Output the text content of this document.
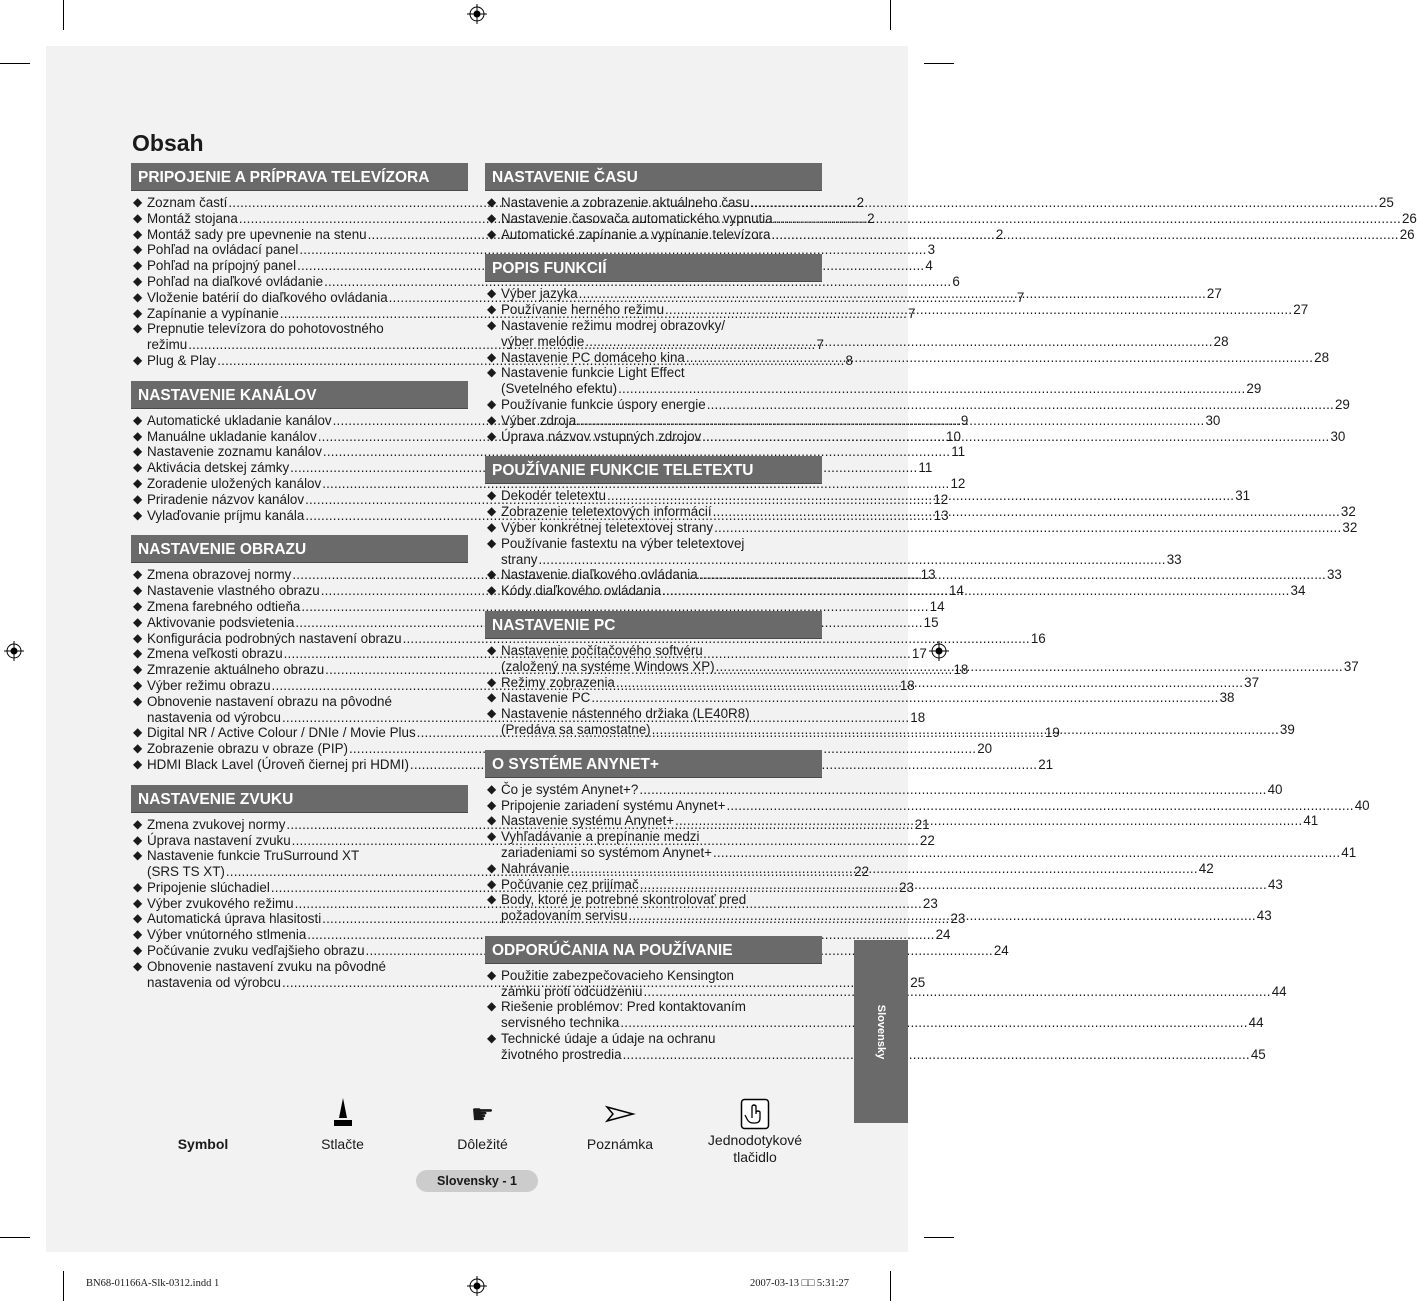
Obsah
PRIPOJENIE A PRÍPRAVA TELEVÍZORA
◆ Zoznam častí .....	2
◆ Montáž stojana .....	2
◆ Montáž sady pre upevnenie na stenu .....	2
◆ Pohľad na ovládací panel .....	3
◆ Pohľad na prípojný panel .....	4
◆ Pohľad na diaľkové ovládanie .....	6
◆ Vloženie batérií do diaľkového ovládania .....	7
◆ Zapínanie a vypínanie .....	7
◆ Prepnutie televízora do pohotovostného
režimu .....	7
◆ Plug & Play .....	8
NASTAVENIE KANÁLOV
◆ Automatické ukladanie kanálov .....	9
◆ Manuálne ukladanie kanálov .....	10
◆ Nastavenie zoznamu kanálov .....	11
◆ Aktivácia detskej zámky .....	11
◆ Zoradenie uložených kanálov .....	12
◆ Priradenie názvov kanálov .....	12
◆ Vylaďovanie príjmu kanála .....	13
NASTAVENIE OBRAZU
◆ Zmena obrazovej normy .....	13
◆ Nastavenie vlastného obrazu .....	14
◆ Zmena farebného odtieňa .....	14
◆ Aktivovanie podsvietenia .....	15
◆ Konfigurácia podrobných nastavení obrazu .....	16
◆ Zmena veľkosti obrazu .....	17
◆ Zmrazenie aktuálneho obrazu .....	18
◆ Výber režimu obrazu .....	18
◆ Obnovenie nastavení obrazu na pôvodné
nastavenia od výrobcu .....	18
◆ Digital NR / Active Colour / DNIe / Movie Plus .....	19
◆ Zobrazenie obrazu v obraze (PIP) .....	20
◆ HDMI Black Lavel (Úroveň čiernej pri HDMI) .....	21
NASTAVENIE ZVUKU
◆ Zmena zvukovej normy .....	21
◆ Úprava nastavení zvuku .....	22
◆ Nastavenie funkcie TruSurround XT
(SRS TS XT) .....	22
◆ Pripojenie slúchadiel .....	23
◆ Výber zvukového režimu .....	23
◆ Automatická úprava hlasitosti .....	23
◆ Výber vnútorného stlmenia .....	24
◆ Počúvanie zvuku vedľajšieho obrazu .....	24
◆ Obnovenie nastavení zvuku na pôvodné
nastavenia od výrobcu .....	25
NASTAVENIE ČASU
◆ Nastavenie a zobrazenie aktuálneho času .....	25
◆ Nastavenie časovača automatického vypnutia .....	26
◆ Automatické zapínanie a vypínanie televízora .....	26
POPIS FUNKCIÍ
◆ Výber jazyka .....	27
◆ Používanie herného režimu .....	27
◆ Nastavenie režimu modrej obrazovky/
výber melódie .....	28
◆ Nastavenie PC domáceho kina .....	28
◆ Nastavenie funkcie Light Effect
(Svetelného efektu) .....	29
◆ Používanie funkcie úspory energie .....	29
◆ Výber zdroja .....	30
◆ Úprava názvov vstupných zdrojov .....	30
POUŽÍVANIE FUNKCIE TELETEXTU
◆ Dekodér teletextu .....	31
◆ Zobrazenie teletextových informácií .....	32
◆ Výber konkrétnej teletextovej strany .....	32
◆ Používanie fastextu na výber teletextovej
strany .....	33
◆ Nastavenie diaľkového ovládania .....	33
◆ Kódy diaľkového ovládania .....	34
NASTAVENIE PC
◆ Nastavenie počítačového softvéru
(založený na systéme Windows XP) .....	37
◆ Režimy zobrazenia .....	37
◆ Nastavenie PC .....	38
◆ Nastavenie nástenného držiaka (LE40R8)
(Predáva sa samostatne) .....	39
O SYSTÉME ANYNET+
◆ Čo je systém Anynet+? .....	40
◆ Pripojenie zariadení systému Anynet+ .....	40
◆ Nastavenie systému Anynet+ .....	41
◆ Vyhľadávanie a prepínanie medzi
zariadeniami so systémom Anynet+ .....	41
◆ Nahrávanie .....	42
◆ Počúvanie cez prijímač .....	43
◆ Body, ktoré je potrebné skontrolovať pred
požadovaním servisu .....	43
ODPORÚČANIA NA POUŽÍVANIE
◆ Použitie zabezpečovacieho Kensington
zámku proti odcudzeniu .....	44
◆ Riešenie problémov: Pred kontaktovaním
servisného technika .....	44
◆ Technické údaje a údaje na ochranu
životného prostredia .....	45
Slovensky
Symbol	Stlačte
☛
Dôležité	Poznámka	Jednodotykové
tlačidlo
Slovensky - 1
BN68-01166A-Slk-0312.indd 1	2007-03-13 □□ 5:31:27
